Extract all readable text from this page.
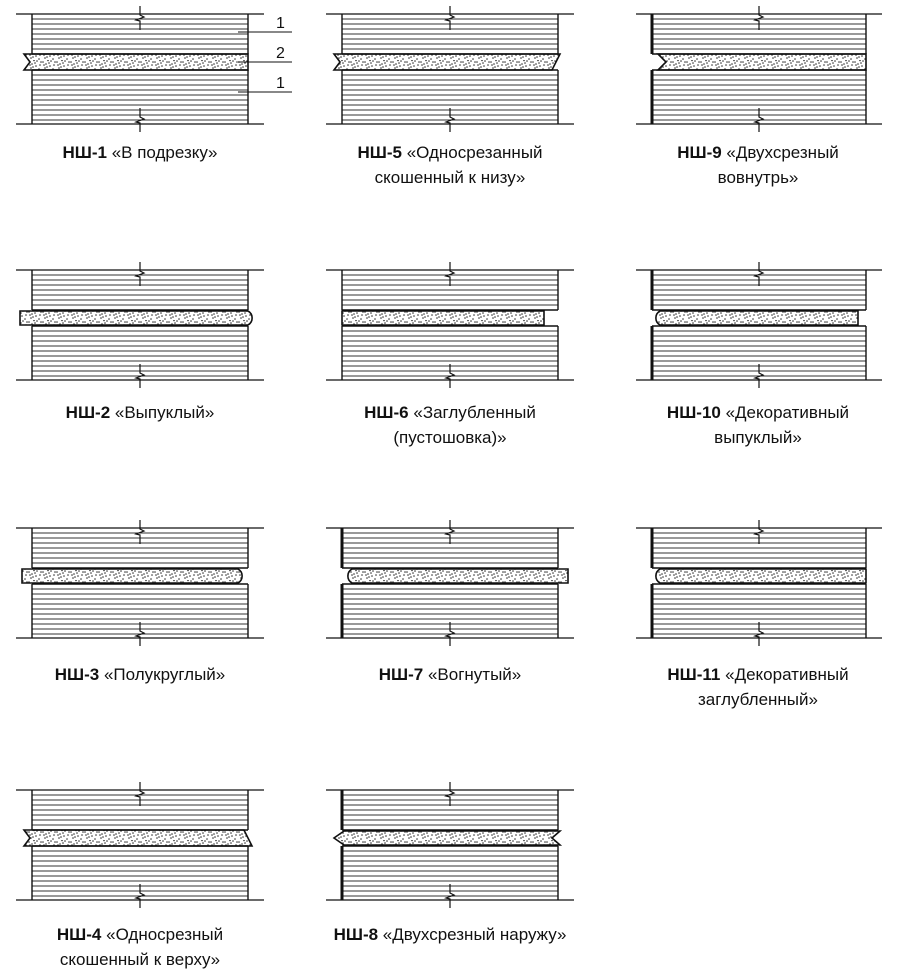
1
2
1
НШ-1 «В подрезку»	НШ-5 «Односрезанный
скошенный к низу»
НШ-9 «Двухсрезный
вовнутрь»
НШ-2 «Выпуклый»	НШ-6 «Заглубленный
(пустошовка)»
НШ-10 «Декоративный
выпуклый»
НШ-3 «Полукруглый»	НШ-7 «Вогнутый»	НШ-11 «Декоративный
заглубленный»
НШ-4 «Односрезный
скошенный к верху»
НШ-8 «Двухсрезный наружу»
